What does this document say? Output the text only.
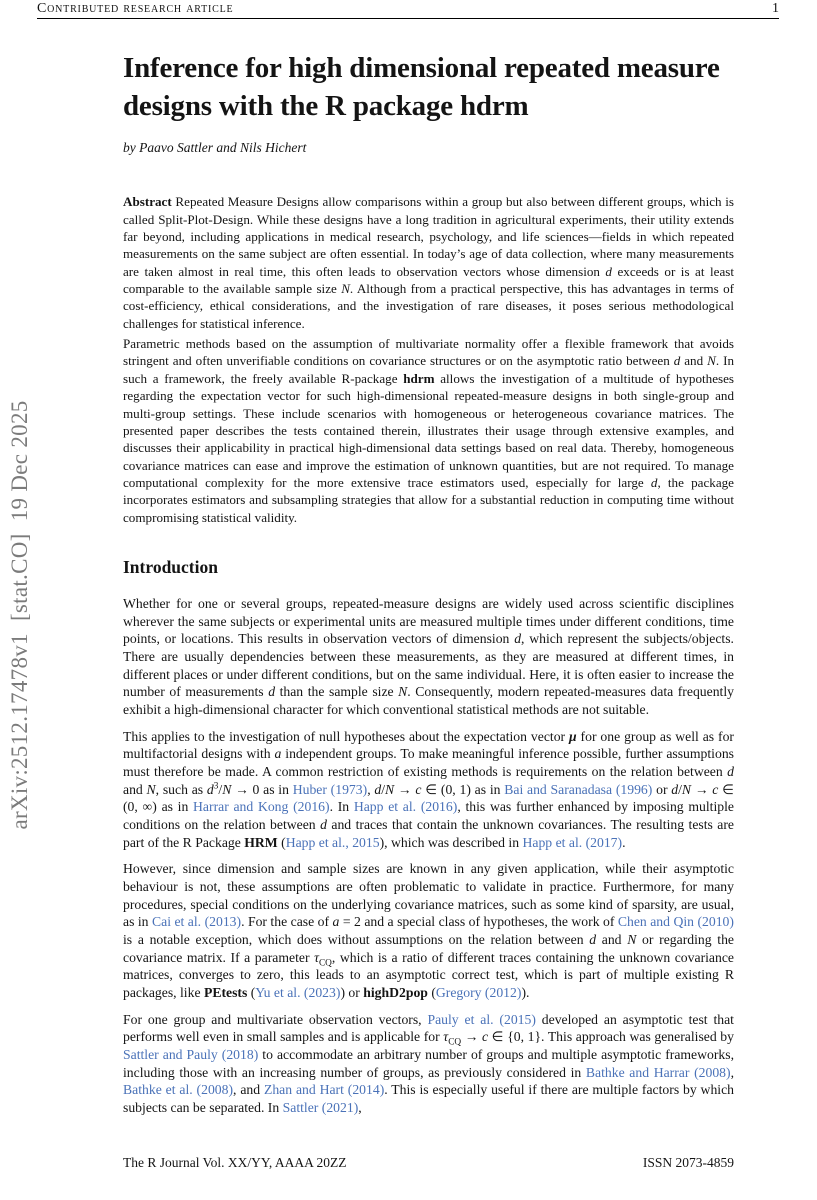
Contributed research article	1
arXiv:2512.17478v1  [stat.CO]  19 Dec 2025
Inference for high dimensional repeated measure designs with the R package hdrm
by Paavo Sattler and Nils Hichert

Abstract Repeated Measure Designs allow comparisons within a group but also between different groups, which is called Split-Plot-Design. While these designs have a long tradition in agricultural experiments, their utility extends far beyond, including applications in medical research, psychology, and life sciences—fields in which repeated measurements on the same subject are often essential. In today’s age of data collection, where many measurements are taken almost in real time, this often leads to observation vectors whose dimension d exceeds or is at least comparable to the available sample size N. Although from a practical perspective, this has advantages in terms of cost-efficiency, ethical considerations, and the investigation of rare diseases, it poses serious methodological challenges for statistical inference.

Parametric methods based on the assumption of multivariate normality offer a flexible framework that avoids stringent and often unverifiable conditions on covariance structures or on the asymptotic ratio between d and N. In such a framework, the freely available R-package hdrm allows the investigation of a multitude of hypotheses regarding the expectation vector for such high-dimensional repeated-measure designs in both single-group and multi-group settings. These include scenarios with homogeneous or heterogeneous covariance matrices. The presented paper describes the tests contained therein, illustrates their usage through extensive examples, and discusses their applicability in practical high-dimensional data settings based on real data. Thereby, homogeneous covariance matrices can ease and improve the estimation of unknown quantities, but are not required. To manage computational complexity for the more extensive trace estimators used, especially for large d, the package incorporates estimators and subsampling strategies that allow for a substantial reduction in computing time without compromising statistical validity.

Introduction

Whether for one or several groups, repeated-measure designs are widely used across scientific disciplines wherever the same subjects or experimental units are measured multiple times under different conditions, time points, or locations. This results in observation vectors of dimension d, which represent the subjects/objects. There are usually dependencies between these measurements, as they are measured at different times, in different places or under different conditions, but on the same individual. Here, it is often easier to increase the number of measurements d than the sample size N. Consequently, modern repeated-measures data frequently exhibit a high-dimensional character for which conventional statistical methods are not suitable.

This applies to the investigation of null hypotheses about the expectation vector μ for one group as well as for multifactorial designs with a independent groups. To make meaningful inference possible, further assumptions must therefore be made. A common restriction of existing methods is requirements on the relation between d and N, such as $d^3/N \to 0$ as in Huber (1973), d/N → c ∈ (0, 1) as in Bai and Saranadasa (1996) or d/N → c ∈ (0, ∞) as in Harrar and Kong (2016). In Happ et al. (2016), this was further enhanced by imposing multiple conditions on the relation between d and traces that contain the unknown covariances. The resulting tests are part of the R Package HRM (Happ et al., 2015), which was described in Happ et al. (2017).

However, since dimension and sample sizes are known in any given application, while their asymptotic behaviour is not, these assumptions are often problematic to validate in practice. Furthermore, for many procedures, special conditions on the underlying covariance matrices, such as some kind of sparsity, are usual, as in Cai et al. (2013). For the case of a = 2 and a special class of hypotheses, the work of Chen and Qin (2010) is a notable exception, which does without assumptions on the relation between d and N or regarding the covariance matrix. If a parameter $\tau_{CQ}$, which is a ratio of different traces containing the unknown covariance matrices, converges to zero, this leads to an asymptotic correct test, which is part of multiple existing R packages, like PEtests (Yu et al. (2023)) or highD2pop (Gregory (2012)).

For one group and multivariate observation vectors, Pauly et al. (2015) developed an asymptotic test that performs well even in small samples and is applicable for $\tau_{CQ} \to c$ ∈ {0, 1}. This approach was generalised by Sattler and Pauly (2018) to accommodate an arbitrary number of groups and multiple asymptotic frameworks, including those with an increasing number of groups, as previously considered in Bathke and Harrar (2008), Bathke et al. (2008), and Zhan and Hart (2014). This is especially useful if there are multiple factors by which subjects can be separated. In Sattler (2021),

The R Journal Vol. XX/YY, AAAA 20ZZ	ISSN 2073-4859
